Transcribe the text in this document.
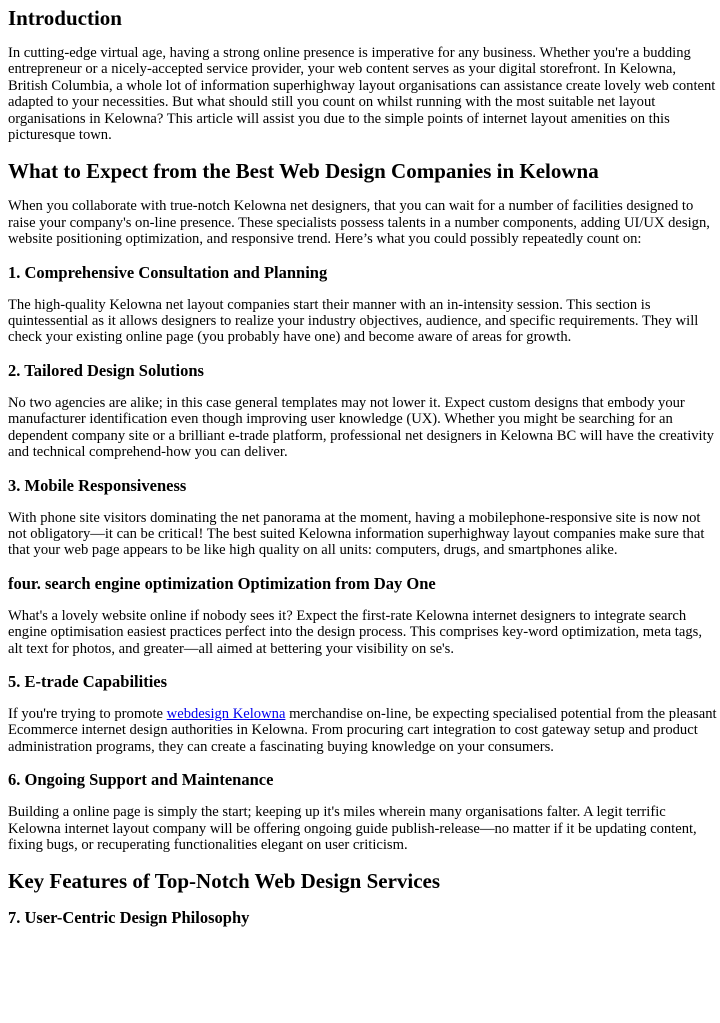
Introduction

In cutting-edge virtual age, having a strong online presence is imperative for any business. Whether you're a budding
entrepreneur or a nicely-accepted service provider, your web content serves as your digital storefront. In Kelowna,
British Columbia, a whole lot of information superhighway layout organisations can assistance create lovely web content
adapted to your necessities. But what should still you count on whilst running with the most suitable net layout
organisations in Kelowna? This article will assist you due to the simple points of internet layout amenities on this
picturesque town.

What to Expect from the Best Web Design Companies in Kelowna

When you collaborate with true-notch Kelowna net designers, that you can wait for a number of facilities designed to
raise your company's on-line presence. These specialists possess talents in a number components, adding UI/UX design,
website positioning optimization, and responsive trend. Here’s what you could possibly repeatedly count on:

1. Comprehensive Consultation and Planning

The high-quality Kelowna net layout companies start their manner with an in-intensity session. This section is
quintessential as it allows designers to realize your industry objectives, audience, and specific requirements. They will
check your existing online page (you probably have one) and become aware of areas for growth.

2. Tailored Design Solutions

No two agencies are alike; in this case general templates may not lower it. Expect custom designs that embody your
manufacturer identification even though improving user knowledge (UX). Whether you might be searching for an
dependent company site or a brilliant e-trade platform, professional net designers in Kelowna BC will have the creativity
and technical comprehend-how you can deliver.

3. Mobile Responsiveness

With phone site visitors dominating the net panorama at the moment, having a mobilephone-responsive site is now not
not obligatory—it can be critical! The best suited Kelowna information superhighway layout companies make sure that
that your web page appears to be like high quality on all units: computers, drugs, and smartphones alike.

four. search engine optimization Optimization from Day One

What's a lovely website online if nobody sees it? Expect the first-rate Kelowna internet designers to integrate search
engine optimisation easiest practices perfect into the design process. This comprises key-word optimization, meta tags,
alt text for photos, and greater—all aimed at bettering your visibility on se's.

5. E-trade Capabilities

If you're trying to promote webdesign Kelowna merchandise on-line, be expecting specialised potential from the pleasant
Ecommerce internet design authorities in Kelowna. From procuring cart integration to cost gateway setup and product
administration programs, they can create a fascinating buying knowledge on your consumers.

6. Ongoing Support and Maintenance

Building a online page is simply the start; keeping up it's miles wherein many organisations falter. A legit terrific
Kelowna internet layout company will be offering ongoing guide publish-release—no matter if it be updating content,
fixing bugs, or recuperating functionalities elegant on user criticism.

Key Features of Top-Notch Web Design Services
7. User-Centric Design Philosophy
